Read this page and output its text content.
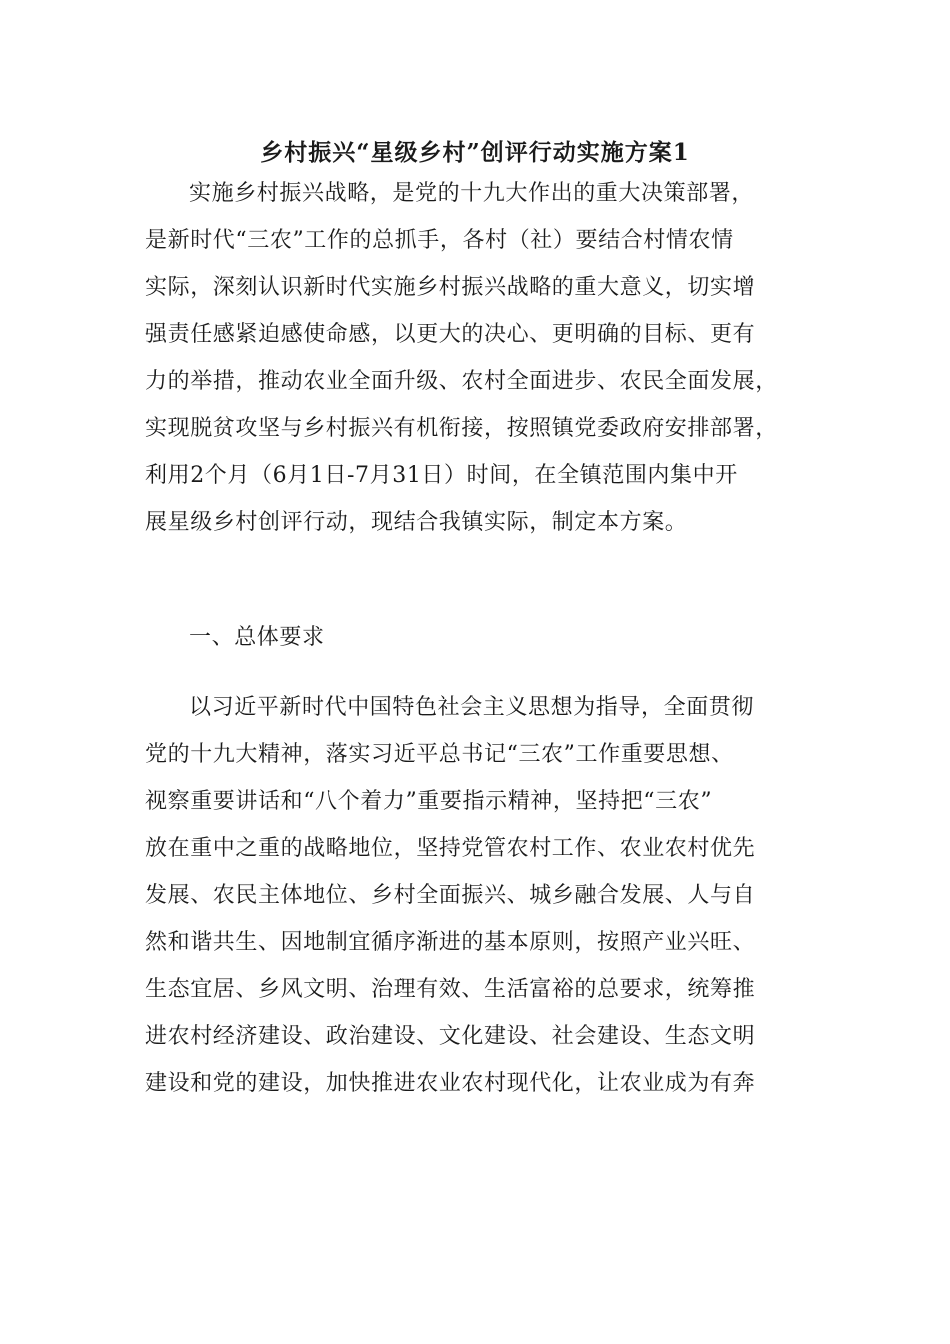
乡村振兴“星级乡村”创评行动实施方案1
实施乡村振兴战略，是党的十九大作出的重大决策部署，
是新时代“三农”工作的总抓手，各村（社）要结合村情农情
实际，深刻认识新时代实施乡村振兴战略的重大意义，切实增
强责任感紧迫感使命感，以更大的决心、更明确的目标、更有
力的举措，推动农业全面升级、农村全面进步、农民全面发展，
实现脱贫攻坚与乡村振兴有机衔接，按照镇党委政府安排部署，
利用2个月（6月1日-7月31日）时间，在全镇范围内集中开
展星级乡村创评行动，现结合我镇实际，制定本方案。
一、总体要求
以习近平新时代中国特色社会主义思想为指导，全面贯彻
党的十九大精神，落实习近平总书记“三农”工作重要思想、
视察重要讲话和“八个着力”重要指示精神，坚持把“三农”
放在重中之重的战略地位，坚持党管农村工作、农业农村优先
发展、农民主体地位、乡村全面振兴、城乡融合发展、人与自
然和谐共生、因地制宜循序渐进的基本原则，按照产业兴旺、
生态宜居、乡风文明、治理有效、生活富裕的总要求，统筹推
进农村经济建设、政治建设、文化建设、社会建设、生态文明
建设和党的建设，加快推进农业农村现代化，让农业成为有奔
